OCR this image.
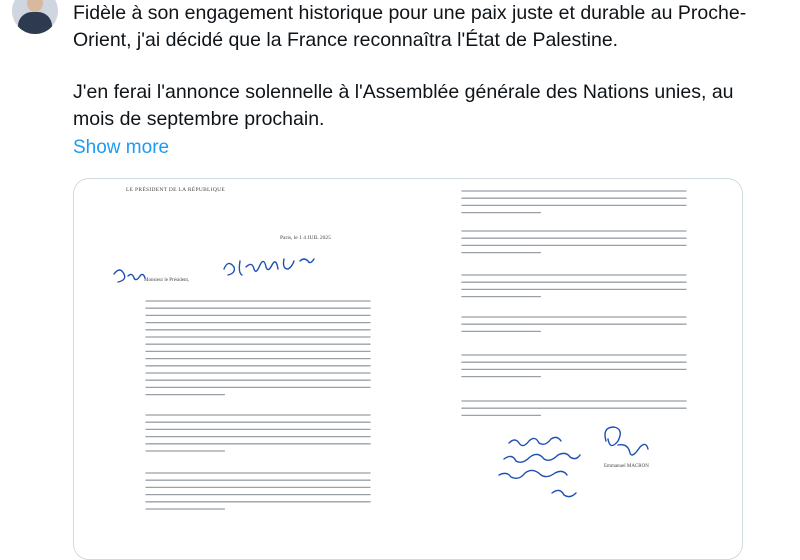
Fidèle à son engagement historique pour une paix juste et durable au Proche-Orient, j'ai décidé que la France reconnaîtra l'État de Palestine.

J'en ferai l'annonce solennelle à l'Assemblée générale des Nations unies, au mois de septembre prochain.

Show more
LE PRÉSIDENT DE LA RÉPUBLIQUE
Paris, le 1 4 JUIL 2025
Monsieur le Président,
Emmanuel MACRON
